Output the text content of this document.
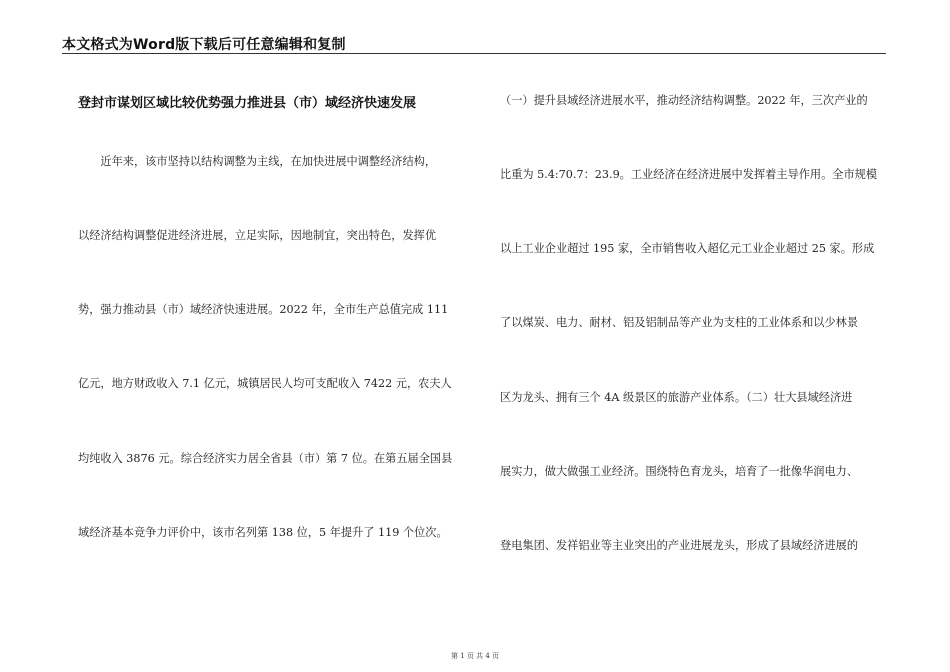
本文格式为Word版下载后可任意编辑和复制
登封市谋划区域比较优势强力推进县（市）域经济快速发展
　　近年来，该市坚持以结构调整为主线，在加快进展中调整经济结构，
以经济结构调整促进经济进展，立足实际，因地制宜，突出特色，发挥优
势，强力推动县（市）域经济快速进展。2022 年，全市生产总值完成 111
亿元，地方财政收入 7.1 亿元，城镇居民人均可支配收入 7422 元，农夫人
均纯收入 3876 元。综合经济实力居全省县（市）第 7 位。在第五届全国县
域经济基本竞争力评价中，该市名列第 138 位，5 年提升了 119 个位次。
（一）提升县域经济进展水平，推动经济结构调整。2022 年，三次产业的
比重为 5.4:70.7：23.9。工业经济在经济进展中发挥着主导作用。全市规模
以上工业企业超过 195 家，全市销售收入超亿元工业企业超过 25 家。形成
了以煤炭、电力、耐材、铝及铝制品等产业为支柱的工业体系和以少林景
区为龙头、拥有三个 4A 级景区的旅游产业体系。（二）壮大县域经济进
展实力，做大做强工业经济。围绕特色育龙头，培育了一批像华润电力、
登电集团、发祥铝业等主业突出的产业进展龙头，形成了县域经济进展的
第 1 页 共 4 页
